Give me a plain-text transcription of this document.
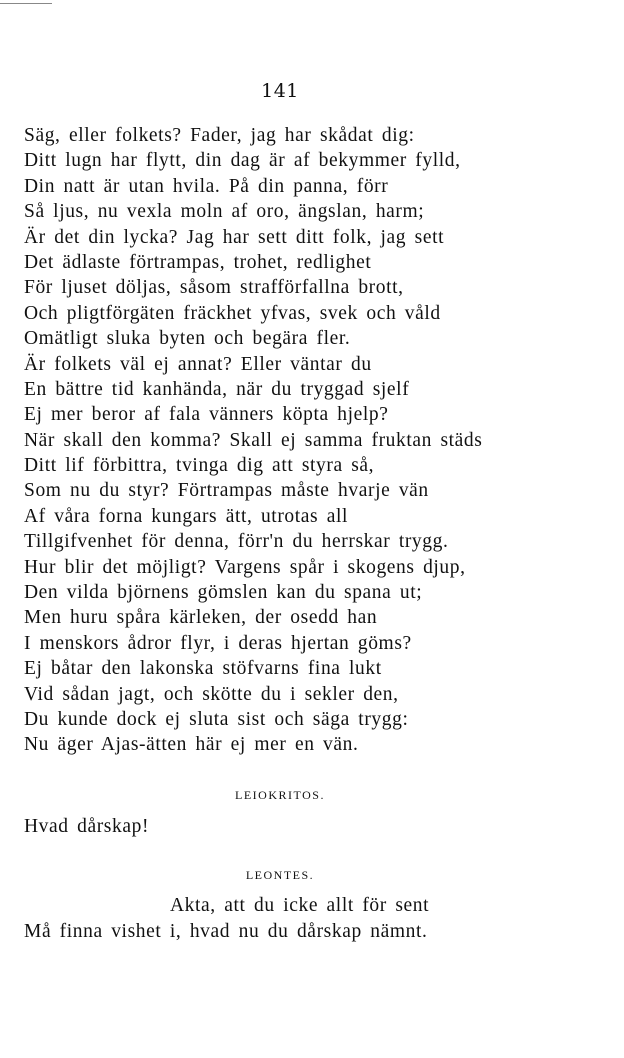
141
Säg, eller folkets? Fader, jag har skådat dig:
Ditt lugn har flytt, din dag är af bekymmer fylld,
Din natt är utan hvila. På din panna, förr
Så ljus, nu vexla moln af oro, ängslan, harm;
Är det din lycka? Jag har sett ditt folk, jag sett
Det ädlaste förtrampas, trohet, redlighet
För ljuset döljas, såsom strafförfallna brott,
Och pligtförgäten fräckhet yfvas, svek och våld
Omätligt sluka byten och begära fler.
Är folkets väl ej annat? Eller väntar du
En bättre tid kanhända, när du tryggad sjelf
Ej mer beror af fala vänners köpta hjelp?
När skall den komma? Skall ej samma fruktan städs
Ditt lif förbittra, tvinga dig att styra så,
Som nu du styr? Förtrampas måste hvarje vän
Af våra forna kungars ätt, utrotas all
Tillgifvenhet för denna, förr'n du herrskar trygg.
Hur blir det möjligt? Vargens spår i skogens djup,
Den vilda björnens gömslen kan du spana ut;
Men huru spåra kärleken, der osedd han
I menskors ådror flyr, i deras hjertan göms?
Ej båtar den lakonska stöfvarns fina lukt
Vid sådan jagt, och skötte du i sekler den,
Du kunde dock ej sluta sist och säga trygg:
Nu äger Ajas-ätten här ej mer en vän.
LEIOKRITOS.
Hvad dårskap!
LEONTES.
Akta, att du icke allt för sent
Må finna vishet i, hvad nu du dårskap nämnt.
